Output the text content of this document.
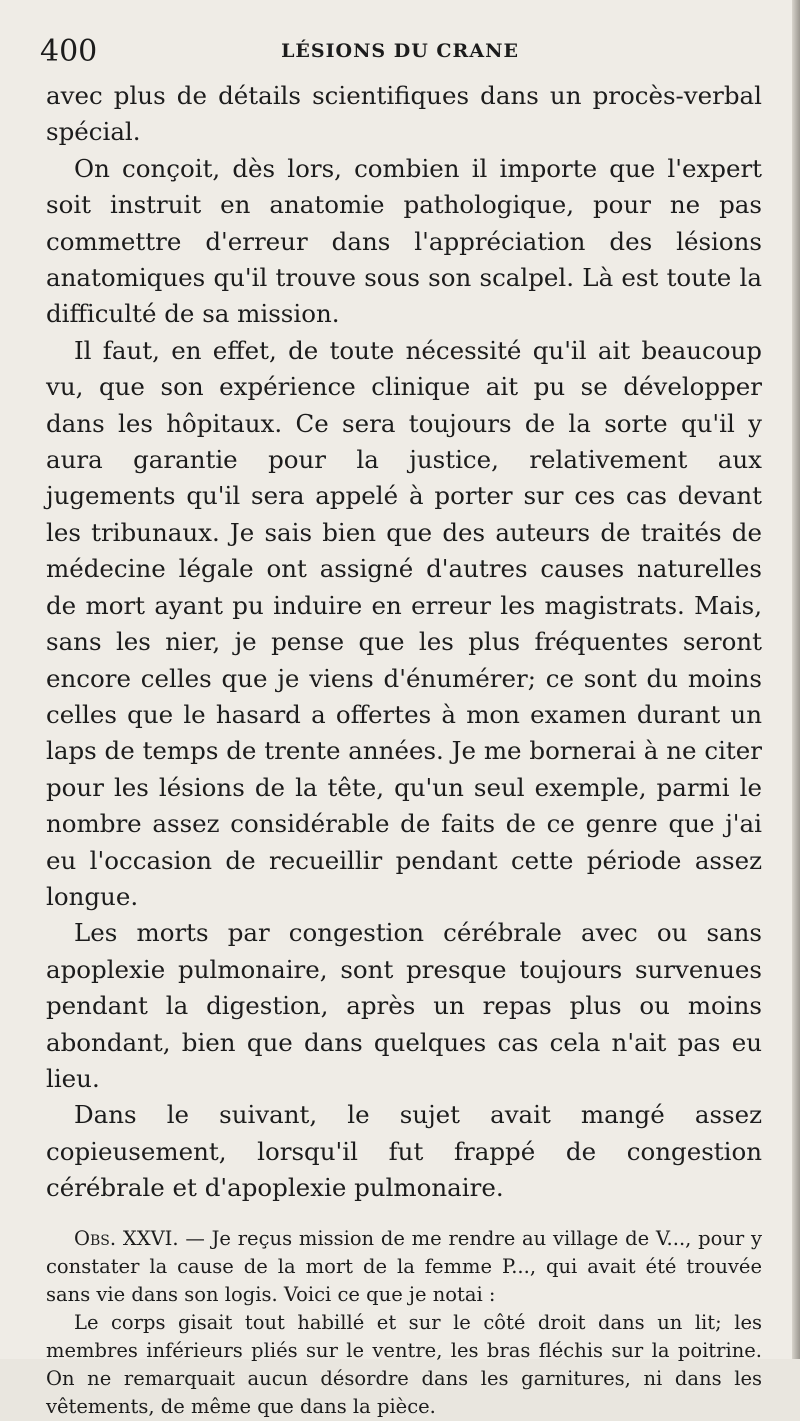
400	LÉSIONS DU CRANE

avec plus de détails scientifiques dans un procès-verbal spécial.

On conçoit, dès lors, combien il importe que l'expert soit instruit en anatomie pathologique, pour ne pas commettre d'erreur dans l'appréciation des lésions anatomiques qu'il trouve sous son scalpel. Là est toute la difficulté de sa mission.

Il faut, en effet, de toute nécessité qu'il ait beaucoup vu, que son expérience clinique ait pu se développer dans les hôpitaux. Ce sera toujours de la sorte qu'il y aura garantie pour la justice, relativement aux jugements qu'il sera appelé à porter sur ces cas devant les tribunaux. Je sais bien que des auteurs de traités de médecine légale ont assigné d'autres causes naturelles de mort ayant pu induire en erreur les magistrats. Mais, sans les nier, je pense que les plus fréquentes seront encore celles que je viens d'énumérer; ce sont du moins celles que le hasard a offertes à mon examen durant un laps de temps de trente années. Je me bornerai à ne citer pour les lésions de la tête, qu'un seul exemple, parmi le nombre assez considérable de faits de ce genre que j'ai eu l'occasion de recueillir pendant cette période assez longue.

Les morts par congestion cérébrale avec ou sans apoplexie pulmonaire, sont presque toujours survenues pendant la digestion, après un repas plus ou moins abondant, bien que dans quelques cas cela n'ait pas eu lieu.

Dans le suivant, le sujet avait mangé assez copieusement, lorsqu'il fut frappé de congestion cérébrale et d'apoplexie pulmonaire.

Obs. XXVI. — Je reçus mission de me rendre au village de V..., pour y constater la cause de la mort de la femme P..., qui avait été trouvée sans vie dans son logis. Voici ce que je notai :

Le corps gisait tout habillé et sur le côté droit dans un lit; les membres inférieurs pliés sur le ventre, les bras fléchis sur la poitrine. On ne remarquait aucun désordre dans les garnitures, ni dans les vêtements, de même que dans la pièce.
